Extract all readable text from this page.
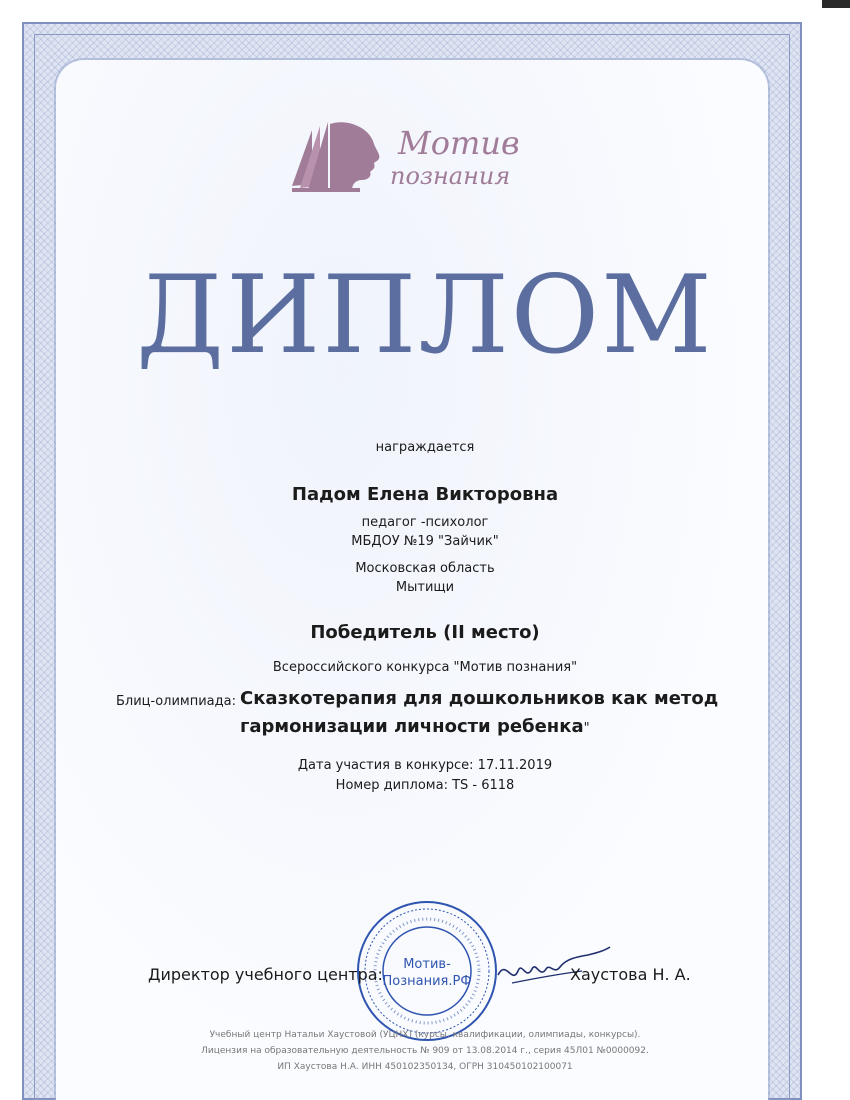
Мотив
познания
ДИПЛОМ
награждается
Падом Елена Викторовна
педагог -психолог
МБДОУ №19 "Зайчик"
Московская область
Мытищи
Победитель (II место)
Всероссийского конкурса "Мотив познания"
Блиц-олимпиада: "
Сказкотерапия для дошкольников как метод
гармонизации личности ребенка"
Дата участия в конкурсе: 17.11.2019
Номер диплома: TS - 6118
Мотив-
Познания.РФ
Директор учебного центра:	Хаустова Н. А.
Учебный центр Натальи Хаустовой (УЦНХ) (курсы, квалификации, олимпиады, конкурсы).
Лицензия на образовательную деятельность № 909 от 13.08.2014 г., серия 45Л01 №0000092.
ИП Хаустова Н.А. ИНН 450102350134, ОГРН 310450102100071
